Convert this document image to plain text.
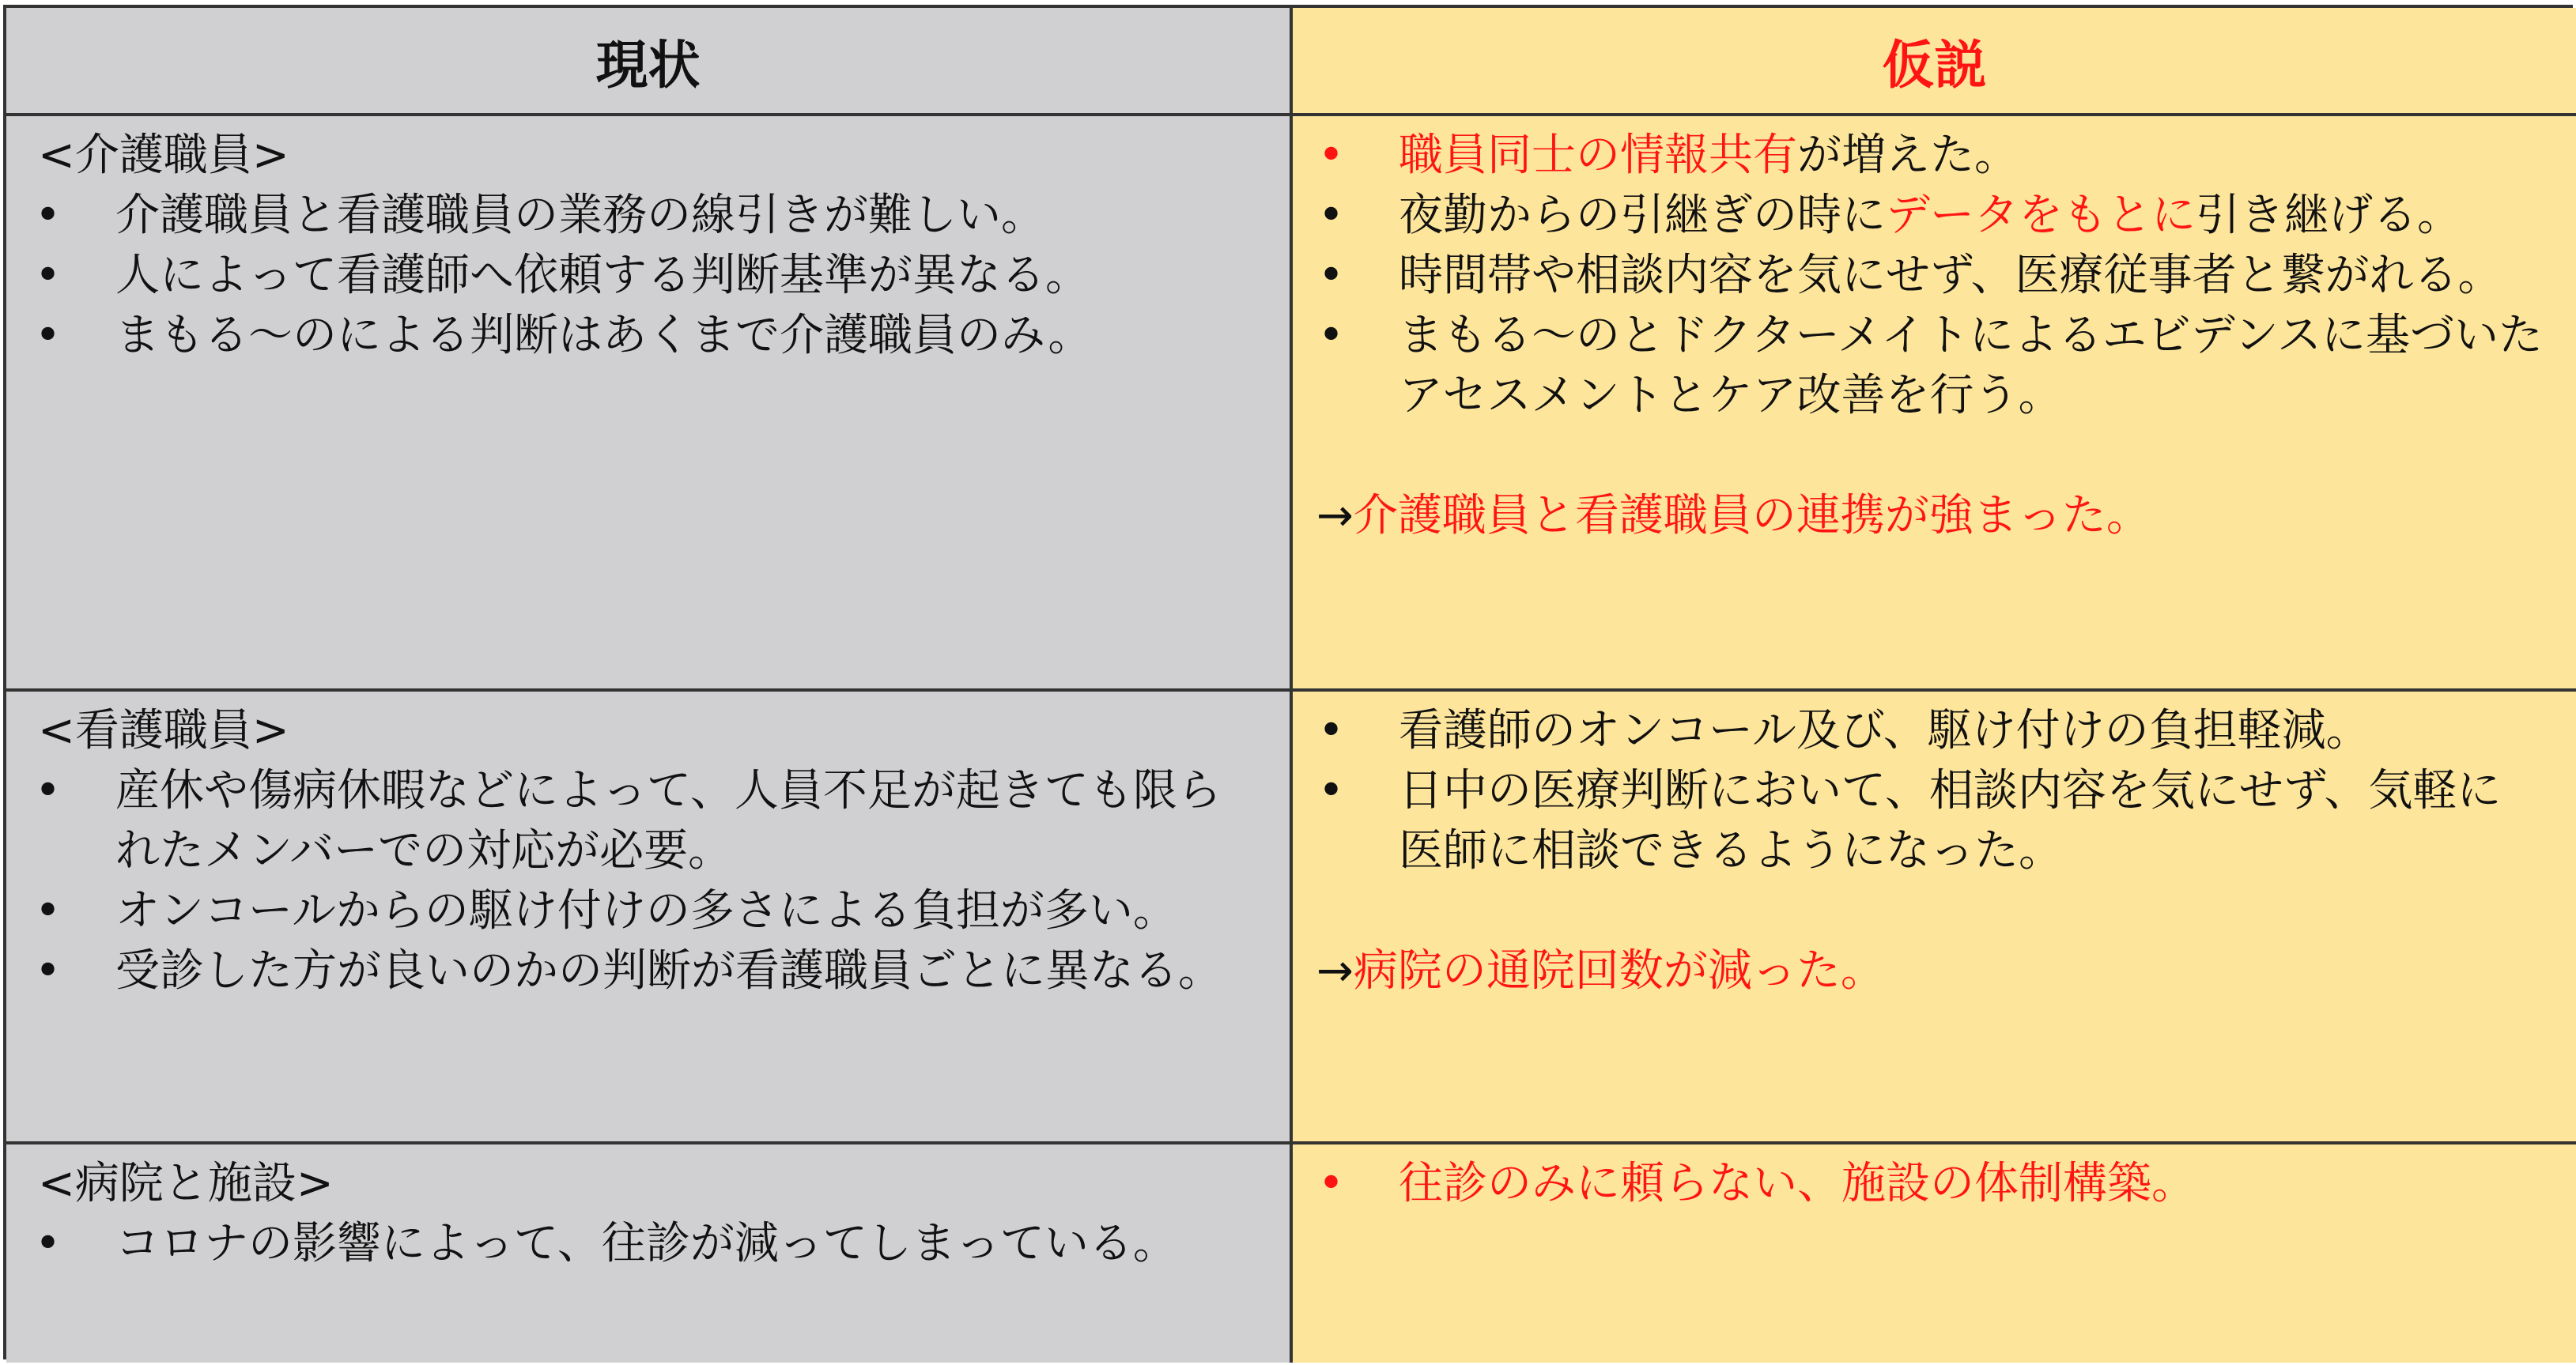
現状	仮説
<介護職員>
• 介護職員と看護職員の業務の線引きが難しい。
• 人によって看護師へ依頼する判断基準が異なる。
• まもる～のによる判断はあくまで介護職員のみ。
• 職員同士の情報共有が増えた。
• 夜勤からの引継ぎの時にデータをもとに引き継げる。
• 時間帯や相談内容を気にせず、医療従事者と繋がれる。
• まもる～のとドクターメイトによるエビデンスに基づいたアセスメントとケア改善を行う。
→介護職員と看護職員の連携が強まった。
<看護職員>
• 産休や傷病休暇などによって、人員不足が起きても限られたメンバーでの対応が必要。
• オンコールからの駆け付けの多さによる負担が多い。
• 受診した方が良いのかの判断が看護職員ごとに異なる。
• 看護師のオンコール及び、駆け付けの負担軽減。
• 日中の医療判断において、相談内容を気にせず、気軽に医師に相談できるようになった。
→病院の通院回数が減った。
<病院と施設>
• コロナの影響によって、往診が減ってしまっている。
• 往診のみに頼らない、施設の体制構築。
